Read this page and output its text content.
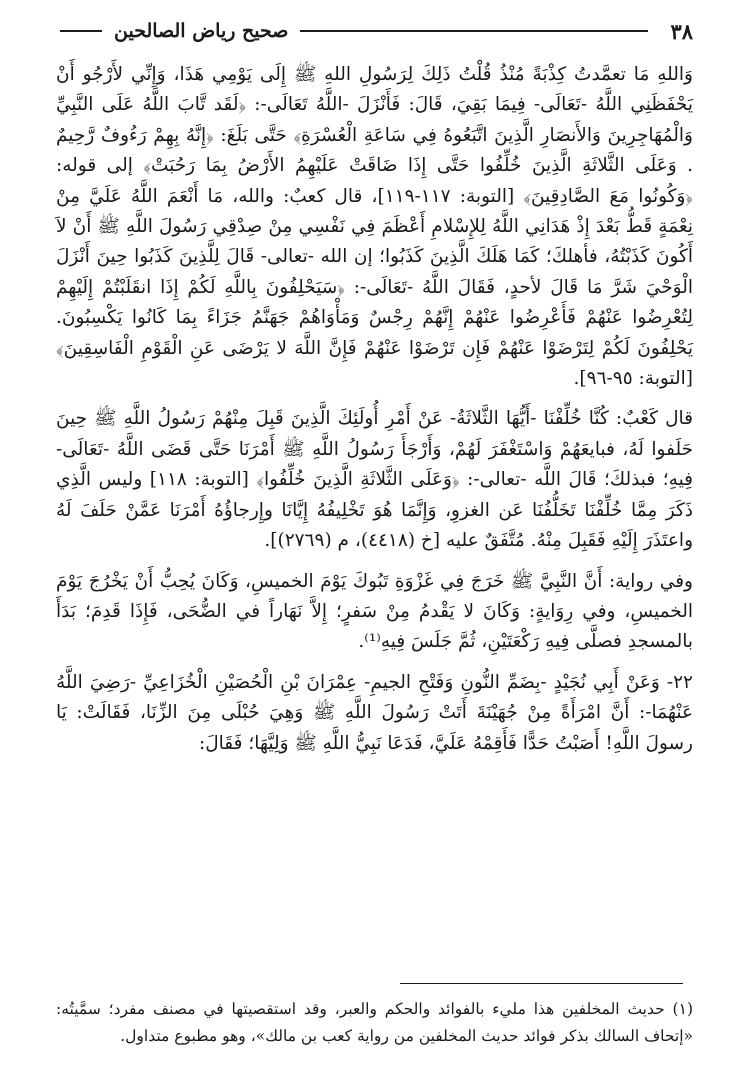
٣٨
صحيح رياض الصالحين

وَاللهِ مَا تعمَّدتُ كِذْبَةً مُنْذُ قُلْتُ ذَلِكَ لِرَسُولِ اللهِ ﷺ إِلَى يَوْمِي هَذَا، وَإِنِّي لأَرْجُو أَنْ يَحْفَظَنِي اللَّهُ -تَعَالَى- فِيمَا بَقِيَ، قَالَ: فَأَنْزَلَ -اللَّهُ تَعَالَى-: ﴿لَقَد تَّابَ اللَّهُ عَلَى النَّبِيِّ وَالْمُهَاجِرِينَ وَالأَنصَارِ الَّذِينَ اتَّبَعُوهُ فِي سَاعَةِ الْعُسْرَةِ﴾ حَتَّى بَلَغَ: ﴿إِنَّهُ بِهِمْ رَءُوفٌ رَّحِيمٌ . وَعَلَى الثَّلاثَةِ الَّذِينَ خُلِّفُوا حَتَّى إِذَا ضَاقَتْ عَلَيْهِمُ الأَرْضُ بِمَا رَحُبَتْ﴾ إلى قوله: ﴿وَكُونُوا مَعَ الصَّادِقِينَ﴾ [التوبة: ١١٧-١١٩]، قال كعبٌ: والله، مَا أَنْعَمَ اللَّهُ عَلَيَّ مِنْ نِعْمَةٍ قَطُّ بَعْدَ إِذْ هَدَانِي اللَّهُ لِلإِسْلامِ أَعْظَمَ فِي نَفْسِي مِنْ صِدْقِي رَسُولَ اللَّهِ ﷺ أَنْ لاَ أَكُونَ كَذَبْتُهُ، فأهلكَ؛ كَمَا هَلَكَ الَّذِينَ كَذَبُوا؛ إن الله -تعالى- قَالَ لِلَّذِينَ كَذَبُوا حِينَ أَنْزَلَ الْوَحْيَ شَرَّ مَا قَالَ لأحدٍ، فَقَالَ اللَّهُ -تَعَالَى-: ﴿سَيَحْلِفُونَ بِاللَّهِ لَكُمْ إِذَا انقَلَبْتُمْ إِلَيْهِمْ لِتُعْرِضُوا عَنْهُمْ فَأَعْرِضُوا عَنْهُمْ إِنَّهُمْ رِجْسٌ وَمَأْوَاهُمْ جَهَنَّمُ جَزَاءً بِمَا كَانُوا يَكْسِبُونَ. يَحْلِفُونَ لَكُمْ لِتَرْضَوْا عَنْهُمْ فَإِن تَرْضَوْا عَنْهُمْ فَإِنَّ اللَّهَ لا يَرْضَى عَنِ الْقَوْمِ الْفَاسِقِينَ﴾ [التوبة: ٩٥-٩٦].

قال كَعْبٌ: كُنَّا خُلِّفْنَا -أَيُّهَا الثَّلاثَةُ- عَنْ أَمْرِ أُولَئِكَ الَّذِينَ قَبِلَ مِنْهُمْ رَسُولُ اللَّهِ ﷺ حِينَ حَلَفوا لَهُ، فبايعَهُمْ وَاسْتَغْفَرَ لَهُمْ، وَأَرْجَأَ رَسُولُ اللَّهِ ﷺ أَمْرَنَا حَتَّى قَضَى اللَّهُ -تَعَالَى- فِيهِ؛ فبذلكَ؛ قَالَ اللَّه -تعالى-: ﴿وَعَلَى الثَّلاثَةِ الَّذِينَ خُلِّفُوا﴾ [التوبة: ١١٨] وليس الَّذِي ذَكَرَ مِمَّا خُلِّفْنَا تَخَلُّفُنَا عَن الغزوِ، وَإِنَّمَا هُوَ تَخْلِيفُهُ إِيَّانَا وإِرجاؤُهُ أَمْرَنَا عَمَّنْ حَلَفَ لَهُ واعتَذَرَ إِلَيْهِ فَقَبِلَ مِنْهُ. مُتَّفَقٌ عليه [خ (٤٤١٨)، م (٢٧٦٩)].

وفي رواية: أَنَّ النَّبِيَّ ﷺ خَرَجَ فِي غَزْوَةِ تَبُوكَ يَوْمَ الخميسِ، وَكَانَ يُحِبُّ أَنْ يَخْرُجَ يَوْمَ الخميسِ، وفي رِوَايةٍ: وَكَانَ لا يَقْدمُ مِنْ سَفرٍ؛ إِلاَّ نَهَاراً في الضُّحَى، فَإِذَا قَدِمَ؛ بَدَأَ بالمسجدِ فصلَّى فِيهِ رَكْعَتَيْنِ، ثُمَّ جَلَسَ فِيهِ⁽¹⁾.

٢٢- وَعَنْ أَبِي نُجَيْدٍ -بِضَمِّ النُّونِ وَفَتْحِ الجيمِ- عِمْرَانَ بْنِ الْحُصَيْنِ الْخُزَاعِيِّ -رَضِيَ اللَّهُ عَنْهُمَا-: أَنَّ امْرَأَةً مِنْ جُهَيْنَةَ أَتَتْ رَسُولَ اللَّهِ ﷺ وَهِيَ حُبْلَى مِنَ الزِّنَا، فَقَالَتْ: يَا رسولَ اللَّهِ! أَصَبْتُ حَدًّا فَأَقِمْهُ عَلَيَّ، فَدَعَا نَبِيُّ اللَّهِ ﷺ وَلِيَّهَا؛ فَقَالَ:

(١) حديث المخلفين هذا مليء بالفوائد والحكم والعبر، وقد استقصيتها في مصنف مفرد؛ سمَّيتُه: «إتحاف السالك بذكر فوائد حديث المخلفين من رواية كعب بن مالك»، وهو مطبوع متداول.
